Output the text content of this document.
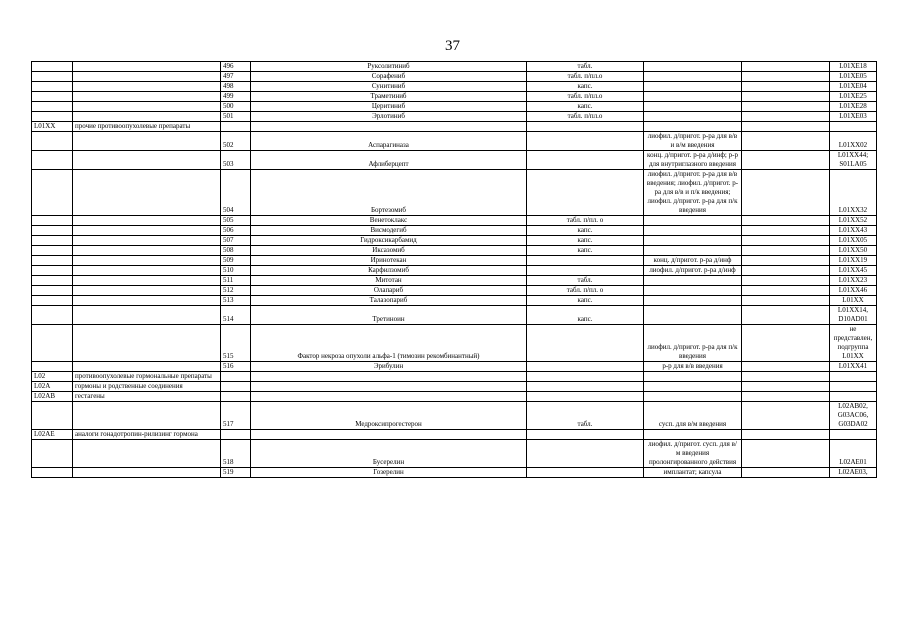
37
		496	Руксолитиниб	табл.			L01XE18
		497	Сорафениб	табл. п/пл.о			L01XE05
		498	Сунитиниб	капс.			L01XE04
		499	Траметиниб	табл. п/пл.о			L01XE25
		500	Церитиниб	капс.			L01XE28
		501	Эрлотиниб	табл. п/пл.о			L01XE03
L01XX	прочие противоопухолевые препараты						
		502	Аспарагиназа		лиофил. д/пригот. р-ра для в/в и в/м введения		L01XX02
		503	Афлиберцепт		конц. д/пригот. р-ра д/инф; р-р для внутриглазного введения		L01XX44; S01LA05
		504	Бортезомиб		лиофил. д/пригот. р-ра для в/в введения; лиофил. д/пригот. р-ра для в/в и п/к введения; лиофил. д/пригот. р-ра для п/к введения		L01XX32
		505	Венетоклакс	табл. п/пл. о			L01XX52
		506	Висмодегиб	капс.			L01XX43
		507	Гидроксикарбамид	капс.			L01XX05
		508	Иксазомиб	капс.			L01XX50
		509	Иринотекан		конц. д/пригот. р-ра д/инф		L01XX19
		510	Карфилзомиб		лиофил. д/пригот. р-ра д/инф		L01XX45
		511	Митотан	табл.			L01XX23
		512	Олапариб	табл. п/пл. о			L01XX46
		513	Талазопариб	капс.			L01XX
		514	Третиноин	капс.			L01XX14, D10AD01
		515	Фактор некроза опухоли альфа-1 (тимозин рекомбинантный)		лиофил. д/пригот. р-ра для п/к введения		не представлен, подгруппа L01XX
		516	Эрибулин		р-р для в/в введения		L01XX41
L02	противоопухолевые гормональные препараты						
L02A	гормоны и родственные соединения						
L02AB	гестагены						
		517	Медроксипрогестерон	табл.	сусп. для в/м введения		L02AB02, G03AC06, G03DA02
L02AE	аналоги гонадотропин-рилизинг гормона						
		518	Бусерелин		лиофил. д/пригот. сусп. для в/м введения пролонгированного действия		L02AE01
		519	Гозерелин		имплантат; капсула		L02AE03,
